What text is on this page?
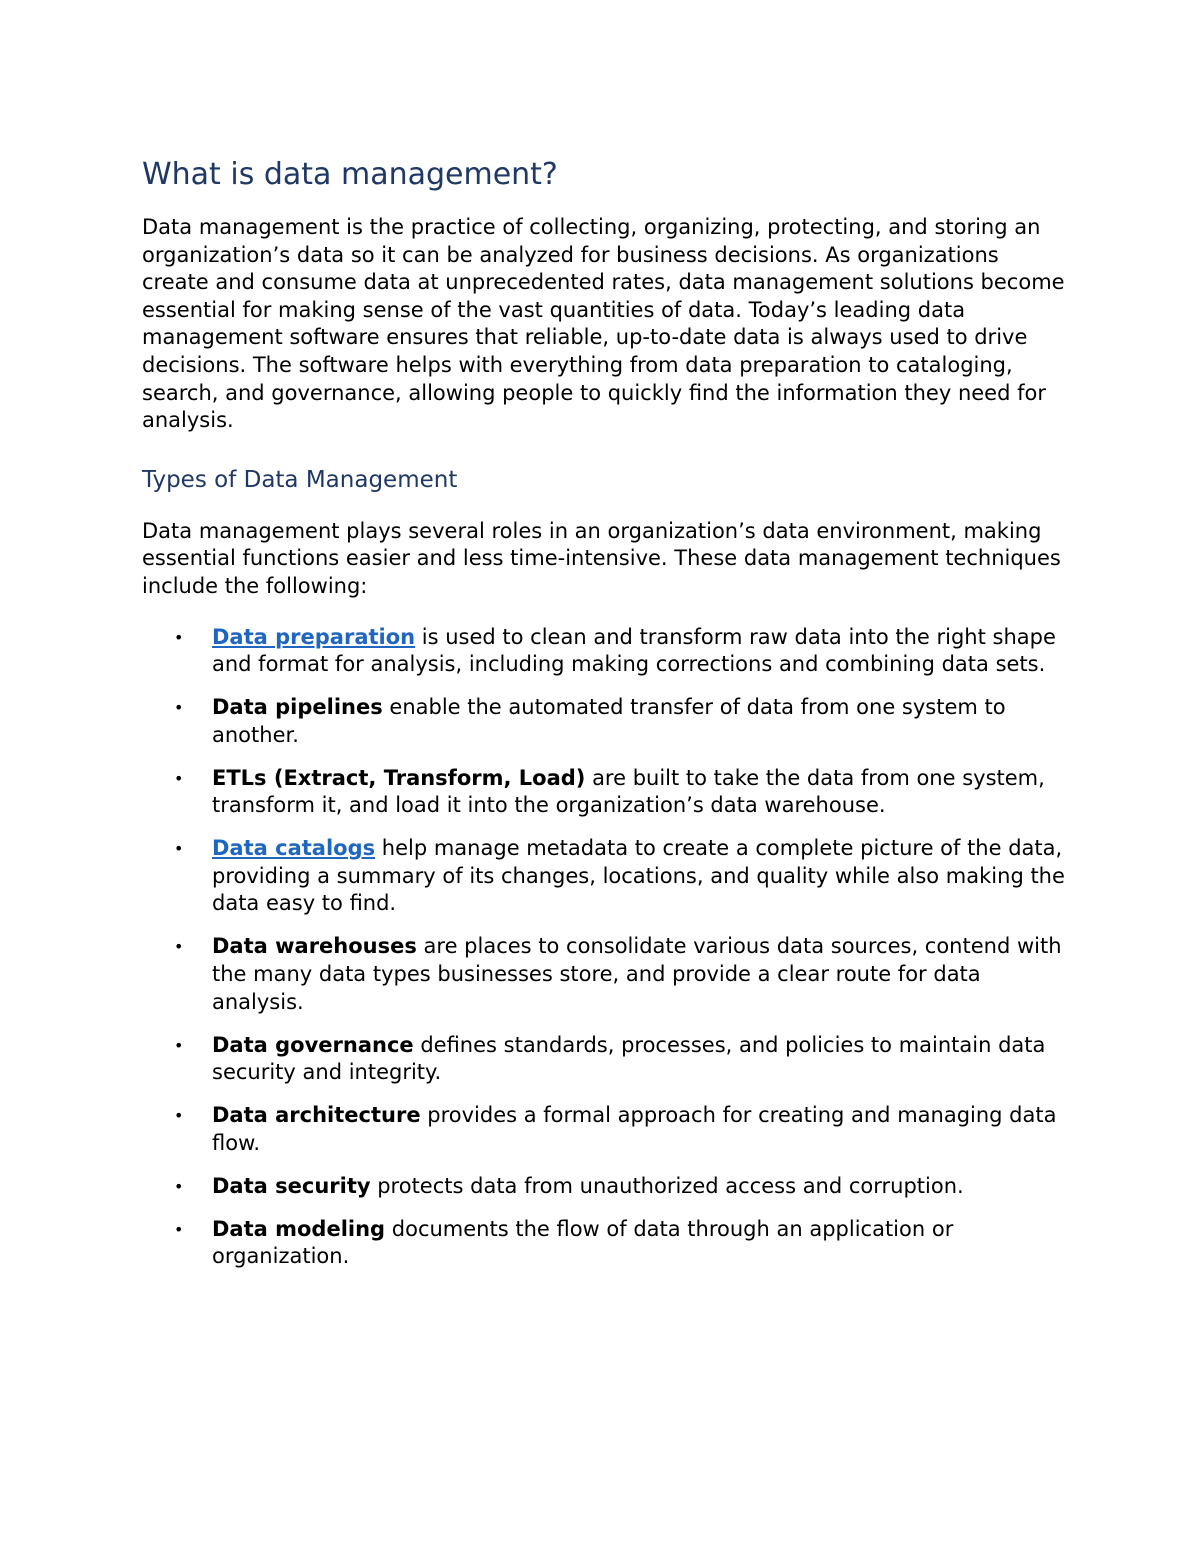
What is data management?

Data management is the practice of collecting, organizing, protecting, and storing an organization’s data so it can be analyzed for business decisions. As organizations create and consume data at unprecedented rates, data management solutions become essential for making sense of the vast quantities of data. Today’s leading data management software ensures that reliable, up-to-date data is always used to drive decisions. The software helps with everything from data preparation to cataloging, search, and governance, allowing people to quickly find the information they need for analysis.

Types of Data Management

Data management plays several roles in an organization’s data environment, making essential functions easier and less time-intensive. These data management techniques include the following:

• Data preparation is used to clean and transform raw data into the right shape and format for analysis, including making corrections and combining data sets.
• Data pipelines enable the automated transfer of data from one system to another.
• ETLs (Extract, Transform, Load) are built to take the data from one system, transform it, and load it into the organization’s data warehouse.
• Data catalogs help manage metadata to create a complete picture of the data, providing a summary of its changes, locations, and quality while also making the data easy to find.
• Data warehouses are places to consolidate various data sources, contend with the many data types businesses store, and provide a clear route for data analysis.
• Data governance defines standards, processes, and policies to maintain data security and integrity.
• Data architecture provides a formal approach for creating and managing data flow.
• Data security protects data from unauthorized access and corruption.
• Data modeling documents the flow of data through an application or organization.
